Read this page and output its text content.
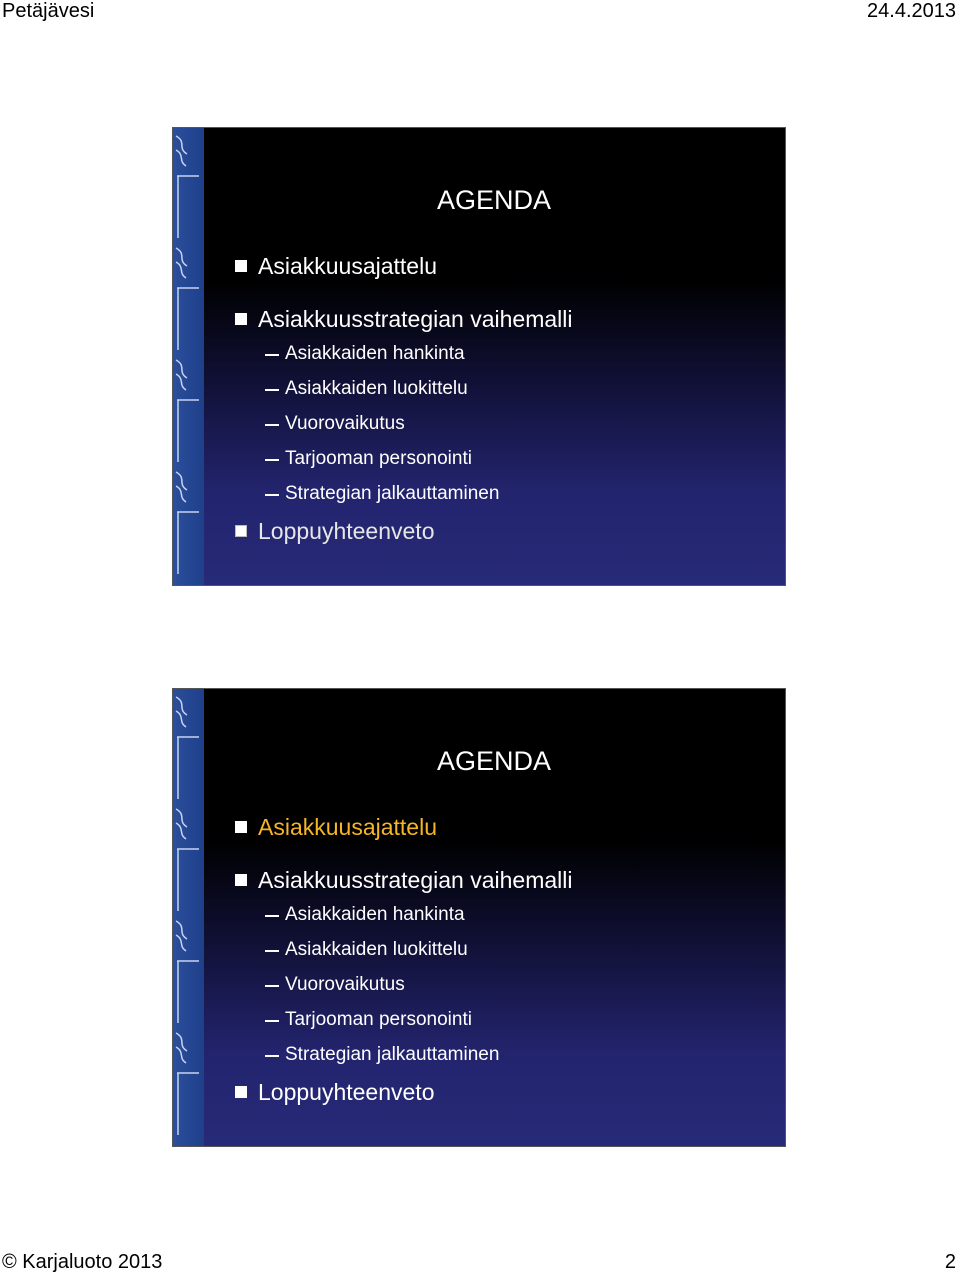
Petäjävesi	24.4.2013
AGENDA
Asiakkuusajattelu
Asiakkuusstrategian vaihemalli
Asiakkaiden hankinta
Asiakkaiden luokittelu
Vuorovaikutus
Tarjooman personointi
Strategian jalkauttaminen
Loppuyhteenveto
AGENDA
Asiakkuusajattelu
Asiakkuusstrategian vaihemalli
Asiakkaiden hankinta
Asiakkaiden luokittelu
Vuorovaikutus
Tarjooman personointi
Strategian jalkauttaminen
Loppuyhteenveto
© Karjaluoto 2013	2
